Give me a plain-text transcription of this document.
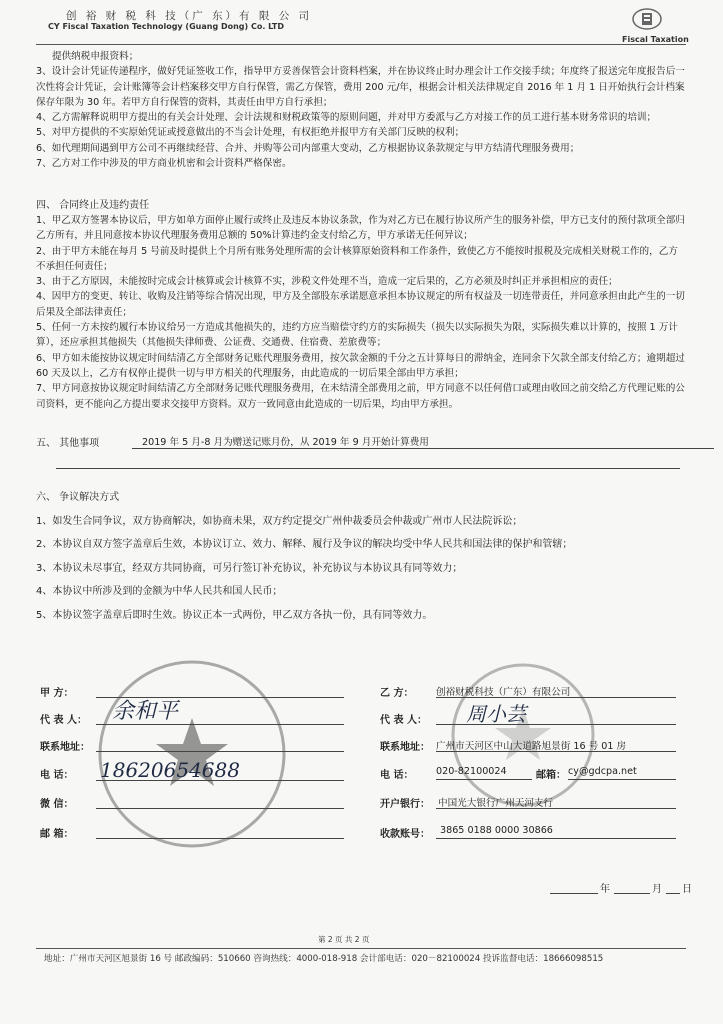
创 裕 财 税 科 技（广 东）有 限 公 司
CY Fiscal Taxation Technology (Guang Dong) Co. LTD
Fiscal Taxation

提供纳税申报资料；

3、设计会计凭证传递程序，做好凭证签收工作，指导甲方妥善保管会计资料档案，并在协议终止时办理会计工作交接手续；年度终了报送完年度报告后一次性将会计凭证，会计账簿等会计档案移交甲方自行保管，需乙方保管，费用 200 元/年，根据会计相关法律规定自 2016 年 1 月 1 日开始执行会计档案保存年限为 30 年。若甲方自行保管的资料，其责任由甲方自行承担；

4、乙方需解释说明甲方提出的有关会计处理、会计法规和财税政策等的原则问题，并对甲方委派与乙方对接工作的员工进行基本财务常识的培训；

5、对甲方提供的不实原始凭证或授意做出的不当会计处理，有权拒绝并报甲方有关部门反映的权利；

6、如代理期间遇到甲方公司不再继续经营、合并、并购等公司内部重大变动，乙方根据协议条款规定与甲方结清代理服务费用；

7、乙方对工作中涉及的甲方商业机密和会计资料严格保密。

四、 合同终止及违约责任

1、甲乙双方签署本协议后，甲方如单方面停止履行或终止及违反本协议条款，作为对乙方已在履行协议所产生的服务补偿，甲方已支付的预付款项全部归乙方所有，并且同意按本协议代理服务费用总额的 50%计算违约金支付给乙方，甲方承诺无任何异议；

2、由于甲方未能在每月 5 号前及时提供上个月所有账务处理所需的会计核算原始资料和工作条件，致使乙方不能按时报税及完成相关财税工作的，乙方不承担任何责任；

3、由于乙方原因，未能按时完成会计核算或会计核算不实，涉税文件处理不当，造成一定后果的，乙方必须及时纠正并承担相应的责任；

4、因甲方的变更、转让、收购及注销等综合情况出现，甲方及全部股东承诺愿意承担本协议规定的所有权益及一切连带责任，并同意承担由此产生的一切后果及全部法律责任；

5、任何一方未按约履行本协议给另一方造成其他损失的，违约方应当赔偿守约方的实际损失（损失以实际损失为限，实际损失难以计算的，按照 1 万计算），还应承担其他损失（其他损失律师费、公证费、交通费、住宿费、差旅费等；

6、甲方如未能按协议规定时间结清乙方全部财务记账代理服务费用，按欠款金额的千分之五计算每日的滞纳金，连同余下欠款全部支付给乙方；逾期超过 60 天及以上，乙方有权停止提供一切与甲方相关的代理服务，由此造成的一切后果全部由甲方承担；

7、甲方同意按协议规定时间结清乙方全部财务记账代理服务费用，在未结清全部费用之前，甲方同意不以任何借口或理由收回之前交给乙方代理记账的公司资料，更不能向乙方提出要求交接甲方资料。双方一致同意由此造成的一切后果，均由甲方承担。

五、 其他事项	2019 年 5 月-8 月为赠送记账月份，从 2019 年 9 月开始计算费用
六、 争议解决方式

1、如发生合同争议，双方协商解决，如协商未果，双方约定提交广州仲裁委员会仲裁或广州市人民法院诉讼；

2、本协议自双方签字盖章后生效，本协议订立、效力、解释、履行及争议的解决均受中华人民共和国法律的保护和管辖；

3、本协议未尽事宜，经双方共同协商，可另行签订补充协议，补充协议与本协议具有同等效力；

4、本协议中所涉及到的金额为中华人民共和国人民币；

5、本协议签字盖章后即时生效。协议正本一式两份，甲乙双方各执一份，具有同等效力。

甲 方：
代 表 人： 余和平
联系地址：
电 话： 18620654688
微 信：
邮 箱：
乙 方： 创裕财税科技（广东）有限公司
代 表 人： 周小芸
联系地址： 广州市天河区中山大道路旭景街 16 号 01 房
电 话： 020-82100024	邮箱： cy@gdcpa.net
开户银行： 中国光大银行广州天河支行
收款账号： 3865 0188 0000 30866
年	月 日
第 2 页 共 2 页
地址：广州市天河区旭景街 16 号 邮政编码：510660 咨询热线：4000-018-918 会计部电话：020－82100024 投诉监督电话：18666098515
